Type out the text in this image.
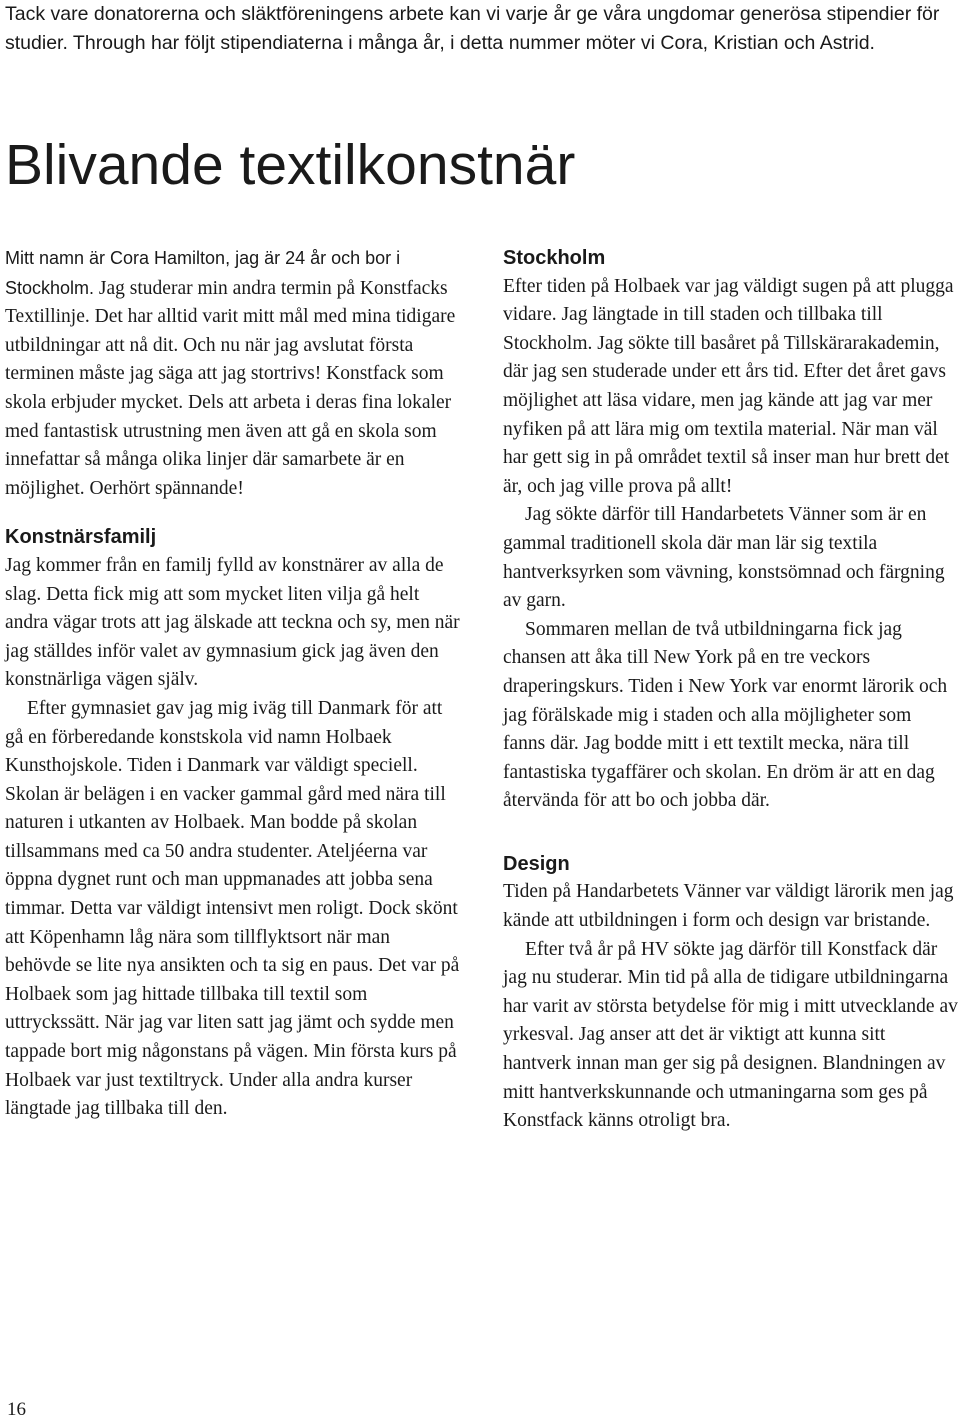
Tack vare donatorerna och släktföreningens arbete kan vi varje år ge våra ungdomar generösa stipendier för studier. Through har följt stipendiaterna i många år, i detta nummer möter vi Cora, Kristian och Astrid.

Blivande textilkonstnär

Mitt namn är Cora Hamilton, jag är 24 år och bor i Stockholm. Jag studerar min andra termin på Konstfacks Textillinje. Det har alltid varit mitt mål med mina tidigare utbildningar att nå dit. Och nu när jag avslutat första terminen måste jag säga att jag stortrivs! Konstfack som skola erbjuder mycket. Dels att arbeta i deras fina lokaler med fantastisk utrustning men även att gå en skola som innefattar så många olika linjer där samarbete är en möjlighet. Oerhört spännande!

Konstnärsfamilj

Jag kommer från en familj fylld av konstnärer av alla de slag. Detta fick mig att som mycket liten vilja gå helt andra vägar trots att jag älskade att teckna och sy, men när jag ställdes inför valet av gymnasium gick jag även den konstnärliga vägen själv.

Efter gymnasiet gav jag mig iväg till Danmark för att gå en förberedande konstskola vid namn Holbaek Kunsthojskole. Tiden i Danmark var väldigt speciell. Skolan är belägen i en vacker gammal gård med nära till naturen i utkanten av Holbaek. Man bodde på skolan tillsammans med ca 50 andra studenter. Ateljéerna var öppna dygnet runt och man uppmanades att jobba sena timmar. Detta var väldigt intensivt men roligt. Dock skönt att Köpenhamn låg nära som tillflyktsort när man behövde se lite nya ansikten och ta sig en paus. Det var på Holbaek som jag hittade tillbaka till textil som uttryckssätt. När jag var liten satt jag jämt och sydde men tappade bort mig någonstans på vägen. Min första kurs på Holbaek var just textiltryck. Under alla andra kurser längtade jag tillbaka till den.

Stockholm

Efter tiden på Holbaek var jag väldigt sugen på att plugga vidare. Jag längtade in till staden och tillbaka till Stockholm. Jag sökte till basåret på Tillskärarakademin, där jag sen studerade under ett års tid. Efter det året gavs möjlighet att läsa vidare, men jag kände att jag var mer nyfiken på att lära mig om textila material. När man väl har gett sig in på området textil så inser man hur brett det är, och jag ville prova på allt!

Jag sökte därför till Handarbetets Vänner som är en gammal traditionell skola där man lär sig textila hantverksyrken som vävning, konstsömnad och färgning av garn.

Sommaren mellan de två utbildningarna fick jag chansen att åka till New York på en tre veckors draperingskurs. Tiden i New York var enormt lärorik och jag förälskade mig i staden och alla möjligheter som fanns där. Jag bodde mitt i ett textilt mecka, nära till fantastiska tygaffärer och skolan. En dröm är att en dag återvända för att bo och jobba där.

Design

Tiden på Handarbetets Vänner var väldigt lärorik men jag kände att utbildningen i form och design var bristande.

Efter två år på HV sökte jag därför till Konstfack där jag nu studerar. Min tid på alla de tidigare utbildningarna har varit av största betydelse för mig i mitt utvecklande av yrkesval. Jag anser att det är viktigt att kunna sitt hantverk innan man ger sig på designen. Blandningen av mitt hantverkskunnande och utmaningarna som ges på Konstfack känns otroligt bra.

16
